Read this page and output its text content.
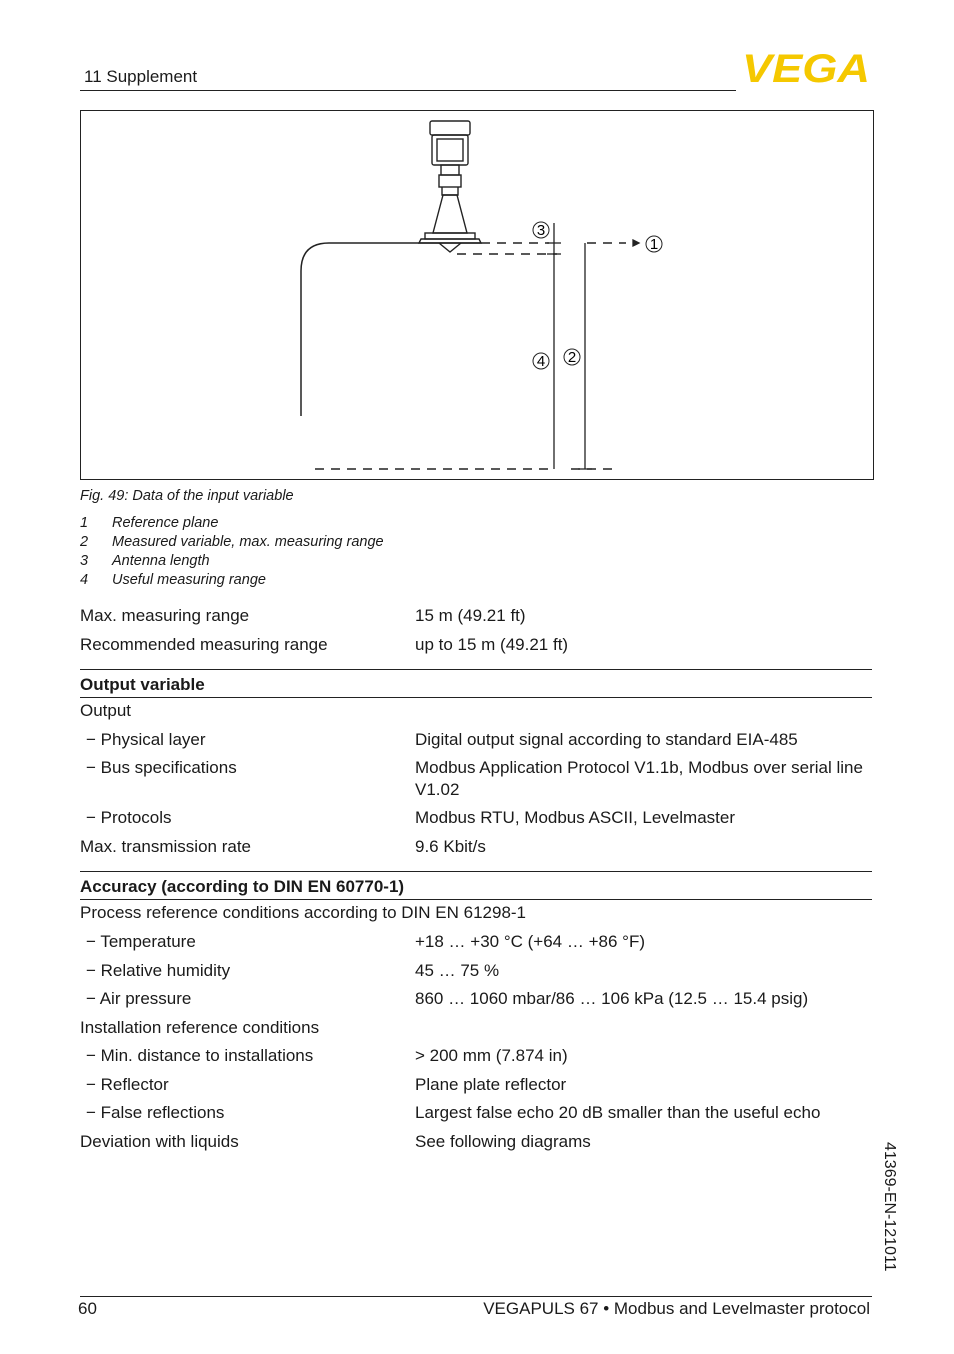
11 Supplement	VEGA
3
1
4 2
Fig. 49: Data of the input variable
1 Reference plane
2 Measured variable, max. measuring range
3 Antenna length
4 Useful measuring range
Max. measuring range	15 m (49.21 ft)
Recommended measuring range	up to 15 m (49.21 ft)
Output variable
Output
− Physical layer	Digital output signal according to standard EIA-485
− Bus specifications	Modbus Application Protocol V1.1b, Modbus over serial line V1.02
− Protocols	Modbus RTU, Modbus ASCII, Levelmaster
Max. transmission rate	9.6 Kbit/s
Accuracy (according to DIN EN 60770-1)
Process reference conditions according to DIN EN 61298-1
− Temperature	+18 … +30 °C (+64 … +86 °F)
− Relative humidity	45 … 75 %
− Air pressure	860 … 1060 mbar/86 … 106 kPa (12.5 … 15.4 psig)
Installation reference conditions
− Min. distance to installations	> 200 mm (7.874 in)
− Reflector	Plane plate reflector
− False reflections	Largest false echo 20 dB smaller than the useful echo
Deviation with liquids	See following diagrams
41369-EN-121011
60	VEGAPULS 67 • Modbus and Levelmaster protocol
